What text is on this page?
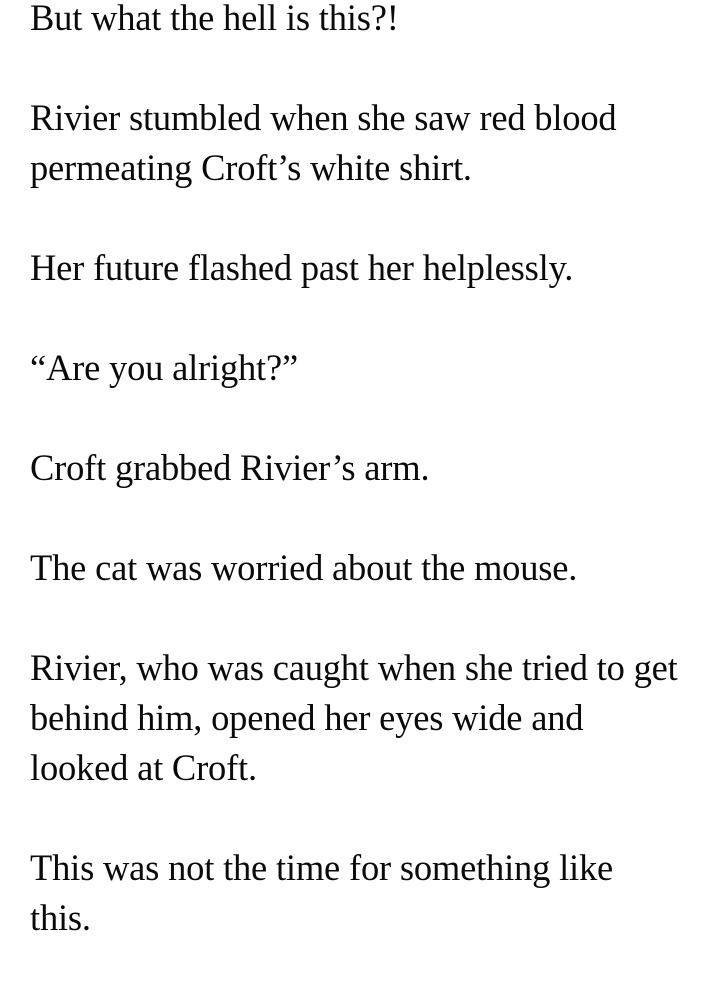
But what the hell is this?!

Rivier stumbled when she saw red blood
permeating Croft’s white shirt.

Her future flashed past her helplessly.

“Are you alright?”

Croft grabbed Rivier’s arm.

The cat was worried about the mouse.

Rivier, who was caught when she tried to get
behind him, opened her eyes wide and
looked at Croft.

This was not the time for something like
this.
